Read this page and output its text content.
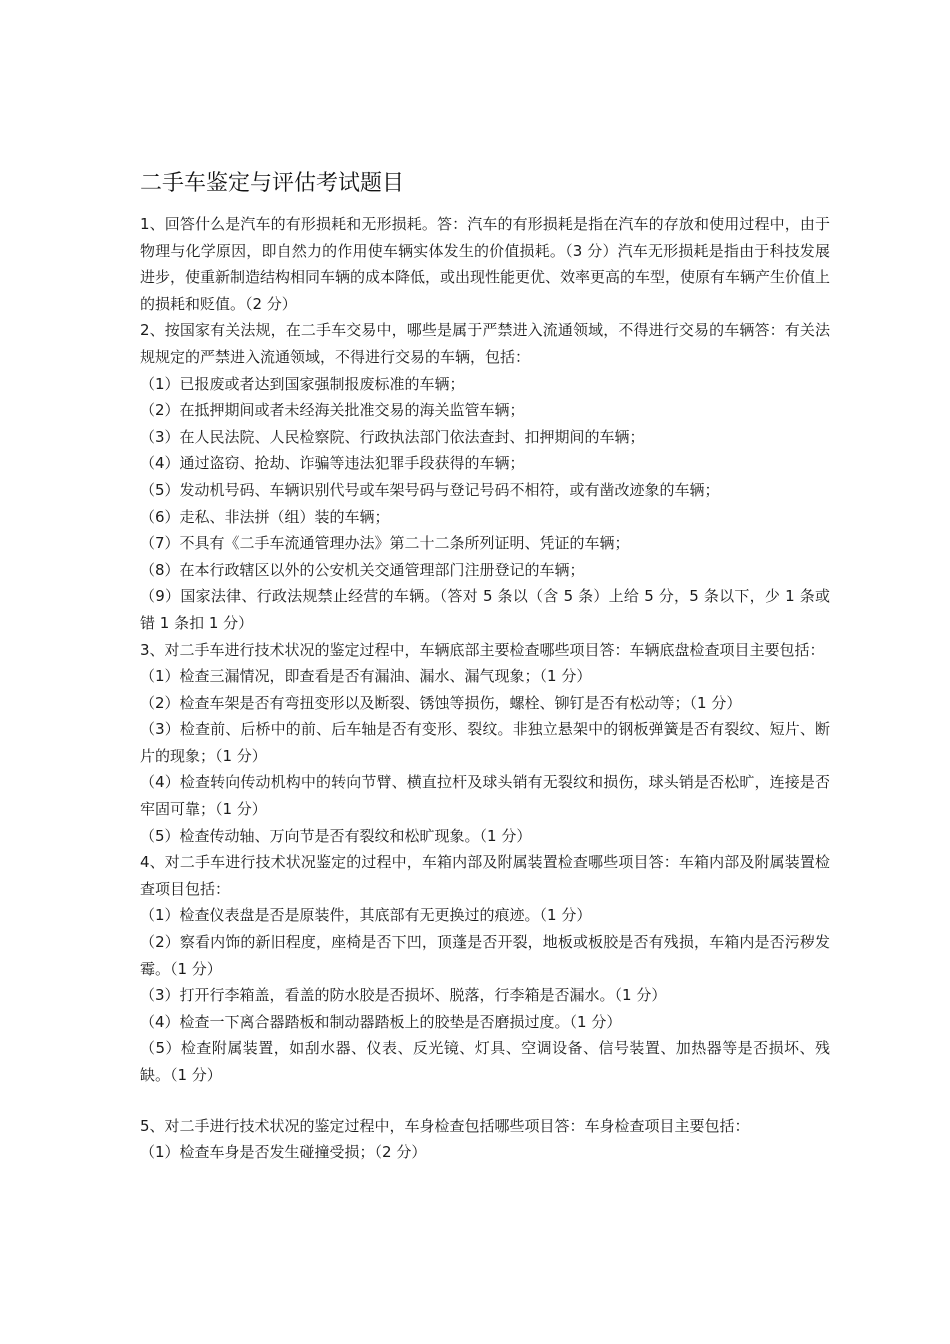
二手车鉴定与评估考试题目

1、回答什么是汽车的有形损耗和无形损耗。答：汽车的有形损耗是指在汽车的存放和使用过程中，由于物理与化学原因，即自然力的作用使车辆实体发生的价值损耗。（3 分）汽车无形损耗是指由于科技发展进步，使重新制造结构相同车辆的成本降低，或出现性能更优、效率更高的车型，使原有车辆产生价值上的损耗和贬值。（2 分）

2、按国家有关法规，在二手车交易中，哪些是属于严禁进入流通领域，不得进行交易的车辆答：有关法规规定的严禁进入流通领域，不得进行交易的车辆，包括：

（1）已报废或者达到国家强制报废标准的车辆；

（2）在抵押期间或者未经海关批准交易的海关监管车辆；

（3）在人民法院、人民检察院、行政执法部门依法查封、扣押期间的车辆；

（4）通过盗窃、抢劫、诈骗等违法犯罪手段获得的车辆；

（5）发动机号码、车辆识别代号或车架号码与登记号码不相符，或有凿改迹象的车辆；

（6）走私、非法拼（组）装的车辆；

（7）不具有《二手车流通管理办法》第二十二条所列证明、凭证的车辆；

（8）在本行政辖区以外的公安机关交通管理部门注册登记的车辆；

（9）国家法律、行政法规禁止经营的车辆。（答对 5 条以（含 5 条）上给 5 分，5 条以下，少 1 条或错 1 条扣 1 分）

3、对二手车进行技术状况的鉴定过程中，车辆底部主要检查哪些项目答：车辆底盘检查项目主要包括：

（1）检查三漏情况，即查看是否有漏油、漏水、漏气现象；（1 分）

（2）检查车架是否有弯扭变形以及断裂、锈蚀等损伤，螺栓、铆钉是否有松动等；（1 分）

（3）检查前、后桥中的前、后车轴是否有变形、裂纹。非独立悬架中的钢板弹簧是否有裂纹、短片、断片的现象；（1 分）

（4）检查转向传动机构中的转向节臂、横直拉杆及球头销有无裂纹和损伤，球头销是否松旷，连接是否牢固可靠；（1 分）

（5）检查传动轴、万向节是否有裂纹和松旷现象。（1 分）

4、对二手车进行技术状况鉴定的过程中，车箱内部及附属装置检查哪些项目答：车箱内部及附属装置检查项目包括：

（1）检查仪表盘是否是原装件，其底部有无更换过的痕迹。（1 分）

（2）察看内饰的新旧程度，座椅是否下凹，顶蓬是否开裂，地板或板胶是否有残损，车箱内是否污秽发霉。（1 分）

（3）打开行李箱盖，看盖的防水胶是否损坏、脱落，行李箱是否漏水。（1 分）

（4）检查一下离合器踏板和制动器踏板上的胶垫是否磨损过度。（1 分）

（5）检查附属装置，如刮水器、仪表、反光镜、灯具、空调设备、信号装置、加热器等是否损坏、残缺。（1 分）

5、对二手进行技术状况的鉴定过程中，车身检查包括哪些项目答：车身检查项目主要包括：

（1）检查车身是否发生碰撞受损；（2 分）
